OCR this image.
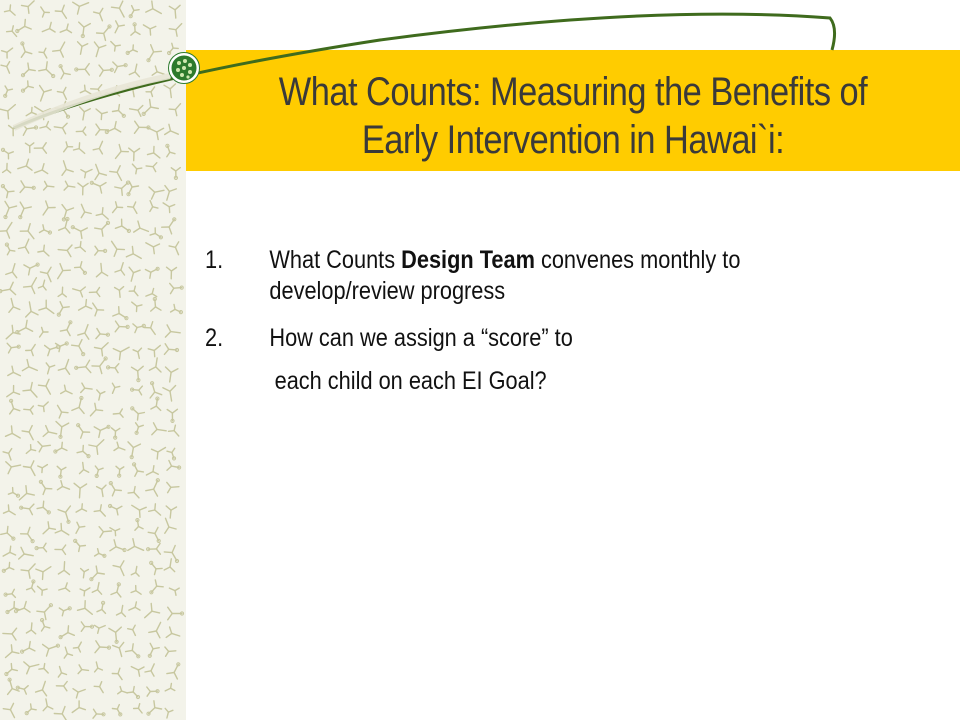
What Counts: Measuring the Benefits of
Early Intervention in Hawai`i:
1.	What Counts Design Team convenes monthly to develop/review progress
2.	How can we assign a “score” to
each child on each EI Goal?
